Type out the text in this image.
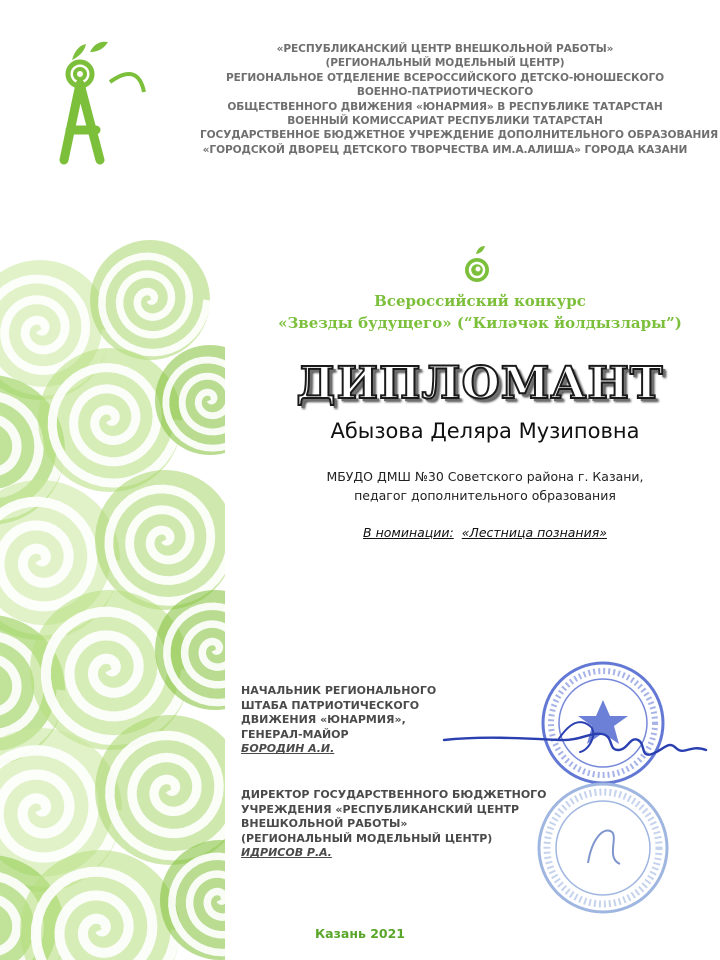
«РЕСПУБЛИКАНСКИЙ ЦЕНТР ВНЕШКОЛЬНОЙ РАБОТЫ»
(РЕГИОНАЛЬНЫЙ МОДЕЛЬНЫЙ ЦЕНТР)
РЕГИОНАЛЬНОЕ ОТДЕЛЕНИЕ ВСЕРОССИЙСКОГО ДЕТСКО-ЮНОШЕСКОГО
ВОЕННО-ПАТРИОТИЧЕСКОГО
ОБЩЕСТВЕННОГО ДВИЖЕНИЯ «ЮНАРМИЯ» В РЕСПУБЛИКЕ ТАТАРСТАН
ВОЕННЫЙ КОМИССАРИАТ РЕСПУБЛИКИ ТАТАРСТАН
ГОСУДАРСТВЕННОЕ БЮДЖЕТНОЕ УЧРЕЖДЕНИЕ ДОПОЛНИТЕЛЬНОГО ОБРАЗОВАНИЯ
«ГОРОДСКОЙ ДВОРЕЦ ДЕТСКОГО ТВОРЧЕСТВА ИМ.А.АЛИША» ГОРОДА КАЗАНИ
Всероссийский конкурс
«Звезды будущего» (“Киләчәк йолдызлары”)
ДИПЛОМАНТ
Абызова Деляра Музиповна
МБУДО ДМШ №30 Советского района г. Казани,
педагог дополнительного образования
В номинации: «Лестница познания»
НАЧАЛЬНИК РЕГИОНАЛЬНОГО
ШТАБА ПАТРИОТИЧЕСКОГО
ДВИЖЕНИЯ «ЮНАРМИЯ»,
ГЕНЕРАЛ-МАЙОР
БОРОДИН А.И.
ДИРЕКТОР ГОСУДАРСТВЕННОГО БЮДЖЕТНОГО
УЧРЕЖДЕНИЯ «РЕСПУБЛИКАНСКИЙ ЦЕНТР
ВНЕШКОЛЬНОЙ РАБОТЫ»
(РЕГИОНАЛЬНЫЙ МОДЕЛЬНЫЙ ЦЕНТР)
ИДРИСОВ Р.А.
Казань 2021
